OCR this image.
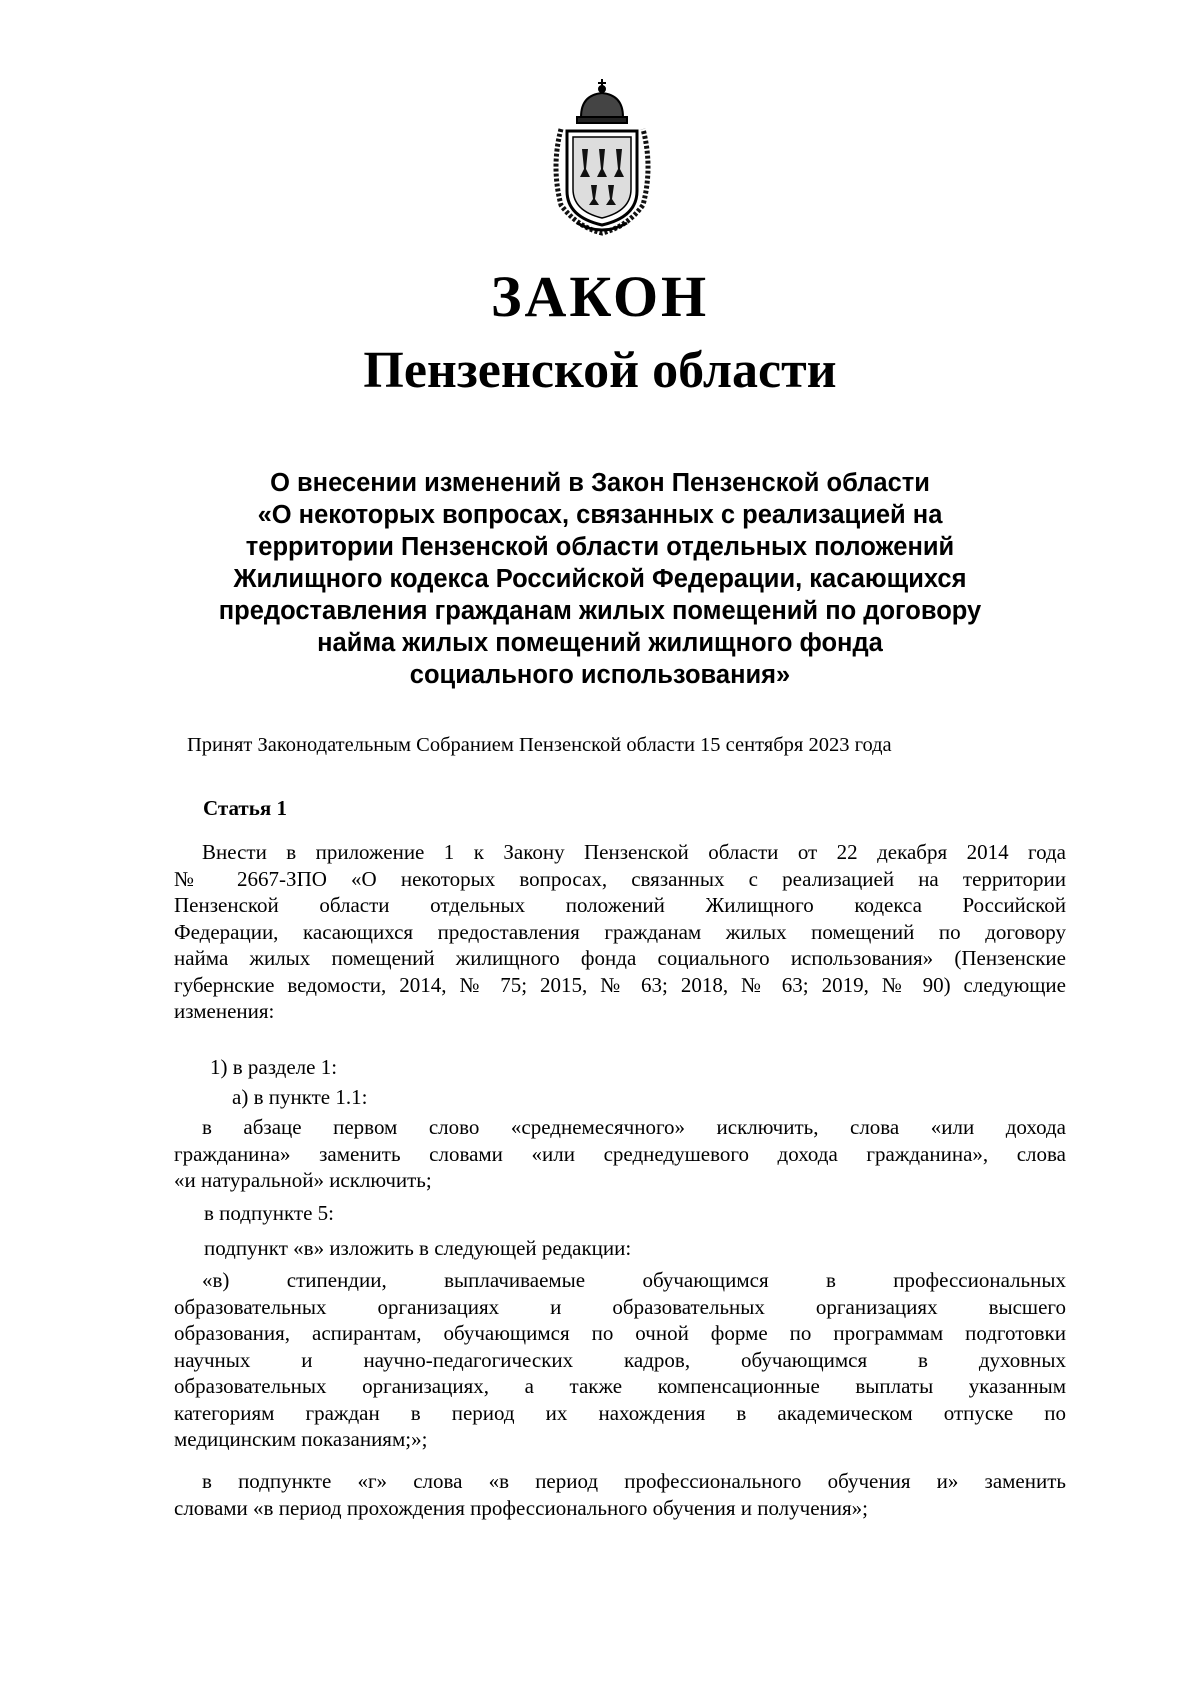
ЗАКОН
Пензенской области
О внесении изменений в Закон Пензенской области
«О некоторых вопросах, связанных с реализацией на
территории Пензенской области отдельных положений
Жилищного кодекса Российской Федерации, касающихся
предоставления гражданам жилых помещений по договору
найма жилых помещений жилищного фонда
социального использования»

Принят Законодательным Собранием Пензенской области 15 сентября 2023 года

Статья 1

Внести в приложение 1 к Закону Пензенской области от 22 декабря 2014 года
№ 2667-ЗПО «О некоторых вопросах, связанных с реализацией на территории
Пензенской области отдельных положений Жилищного кодекса Российской
Федерации, касающихся предоставления гражданам жилых помещений по договору
найма жилых помещений жилищного фонда социального использования» (Пензенские
губернские ведомости, 2014, № 75; 2015, № 63; 2018, № 63; 2019, № 90) следующие
изменения:

1) в разделе 1:

а) в пункте 1.1:

в абзаце первом слово «среднемесячного» исключить, слова «или дохода
гражданина» заменить словами «или среднедушевого дохода гражданина», слова
«и натуральной» исключить;

в подпункте 5:

подпункт «в» изложить в следующей редакции:

«в) стипендии, выплачиваемые обучающимся в профессиональных
образовательных организациях и образовательных организациях высшего
образования, аспирантам, обучающимся по очной форме по программам подготовки
научных и научно-педагогических кадров, обучающимся в духовных
образовательных организациях, а также компенсационные выплаты указанным
категориям граждан в период их нахождения в академическом отпуске по
медицинским показаниям;»;
в подпункте «г» слова «в период профессионального обучения и» заменить
словами «в период прохождения профессионального обучения и получения»;
